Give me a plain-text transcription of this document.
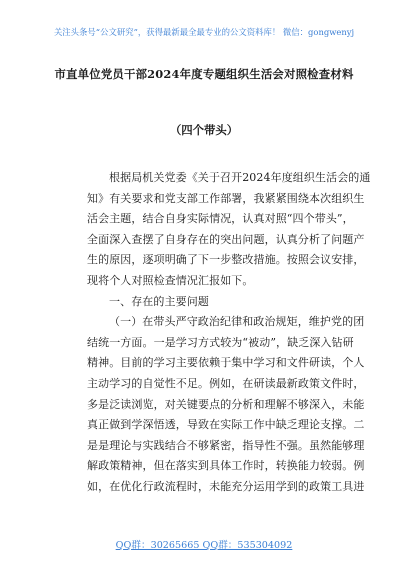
关注头条号“公文研究”，获得最新最全最专业的公文资料库！ 微信：gongwenyj
市直单位党员干部2024年度专题组织生活会对照检查材料
（四个带头）
根据局机关党委《关于召开2024年度组织生活会的通
知》有关要求和党支部工作部署，我紧紧围绕本次组织生
活会主题，结合自身实际情况，认真对照“四个带头”，
全面深入查摆了自身存在的突出问题，认真分析了问题产
生的原因，逐项明确了下一步整改措施。按照会议安排，
现将个人对照检查情况汇报如下。
一、存在的主要问题
（一）在带头严守政治纪律和政治规矩，维护党的团
结统一方面。一是学习方式较为“被动”，缺乏深入钻研
精神。目前的学习主要依赖于集中学习和文件研读，个人
主动学习的自觉性不足。例如，在研读最新政策文件时，
多是泛读浏览，对关键要点的分析和理解不够深入，未能
真正做到学深悟透，导致在实际工作中缺乏理论支撑。二
是是理论与实践结合不够紧密，指导性不强。虽然能够理
解政策精神，但在落实到具体工作时，转换能力较弱。例
如，在优化行政流程时，未能充分运用学到的政策工具进
QQ群：30265665 QQ群：535304092
